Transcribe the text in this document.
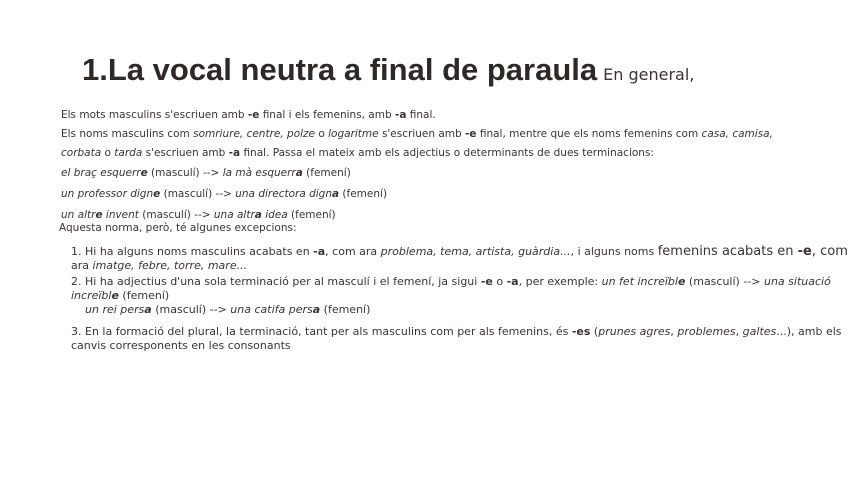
1.La vocal neutra a final de paraula En general,
Els mots masculins s'escriuen amb -e final i els femenins, amb -a final.
Els noms masculins com somriure, centre, polze o logaritme s'escriuen amb -e final, mentre que els noms femenins com casa, camisa,
corbata o tarda s'escriuen amb -a final. Passa el mateix amb els adjectius o determinants de dues terminacions:
el braç esquerre (masculí) --> la mà esquerra (femení)
un professor digne (masculí) --> una directora digna (femení)
un altre invent (masculí) --> una altra idea (femení)
Aquesta norma, però, té algunes excepcions:
1. Hi ha alguns noms masculins acabats en -a, com ara problema, tema, artista, guàrdia..., i alguns noms femenins acabats en -e, com
ara imatge, febre, torre, mare...
2. Hi ha adjectius d'una sola terminació per al masculí i el femení, ja sigui -e o -a, per exemple: un fet increïble (masculí) --> una situació
increïble (femení)
un rei persa (masculí) --> una catifa persa (femení)
3. En la formació del plural, la terminació, tant per als masculins com per als femenins, és -es (prunes agres, problemes, galtes...), amb els
canvis corresponents en les consonants
